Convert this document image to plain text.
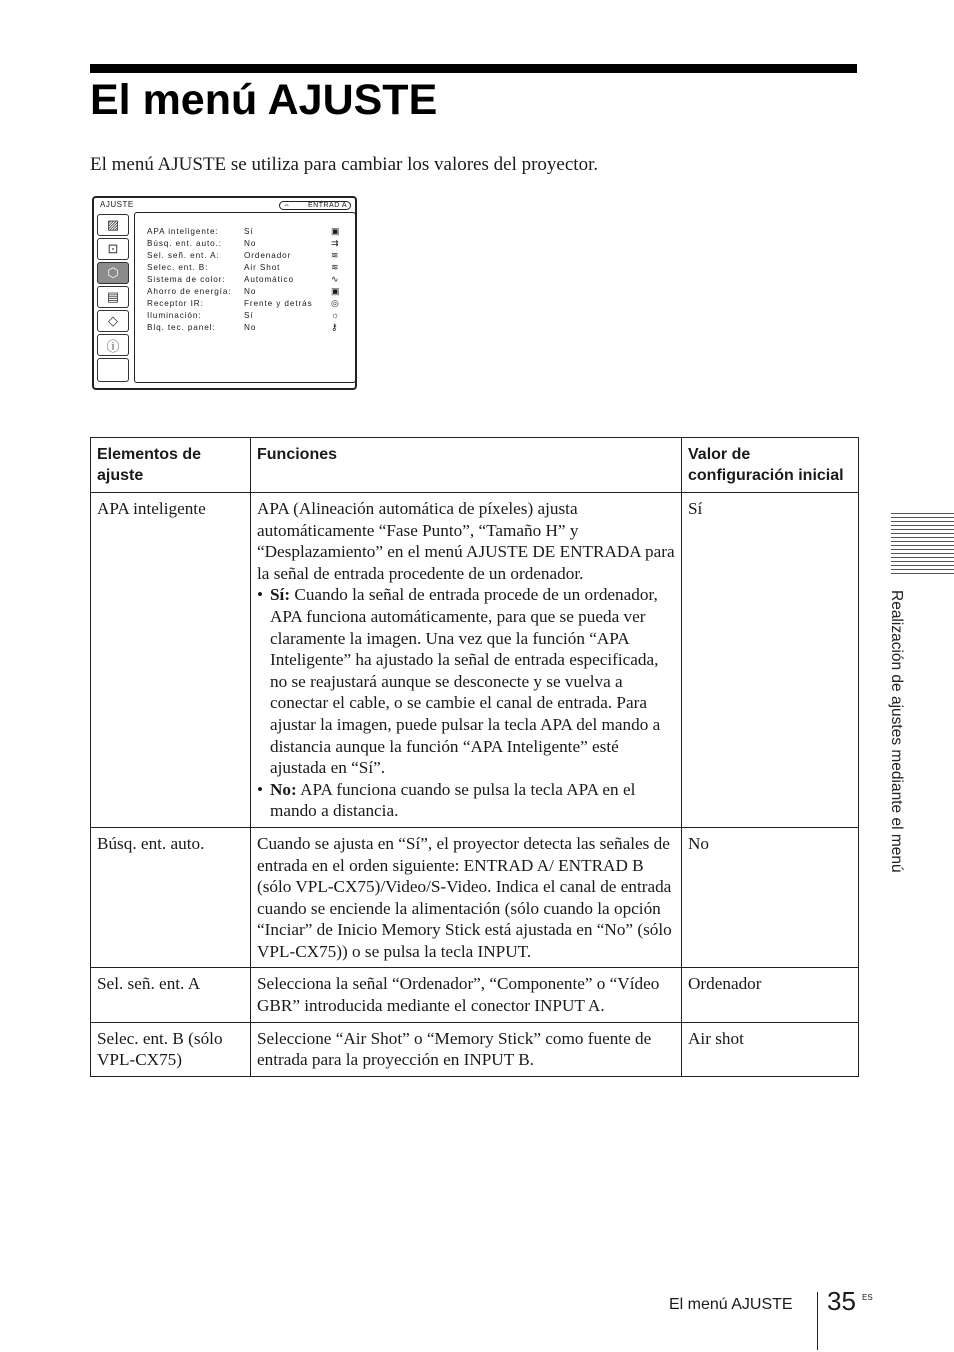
El menú AJUSTE
El menú AJUSTE se utiliza para cambiar los valores del proyector.
AJUSTE	⇔ ENTRAD A
▨
⊡
⬡
▤
◇
ⓘ
APA inteligente:	Sí	▣
Búsq. ent. auto.:	No	⇉
Sel. señ. ent. A:	Ordenador	≋
Selec. ent. B:	Air Shot	≋
Sistema de color: Automático	∿
Ahorro de energía: No	▣
Receptor IR:	Frente y detrás ◎
Iluminación:	Sí	☼
Blq. tec. panel:	No	⚷
Elementos de ajuste	Funciones	Valor de configuración inicial
APA inteligente	APA (Alineación automática de píxeles) ajusta automáticamente “Fase Punto”, “Tamaño H” y “Desplazamiento” en el menú AJUSTE DE ENTRADA para la señal de entrada procedente de un ordenador.
• Sí: Cuando la señal de entrada procede de un ordenador, APA funciona automáticamente, para que se pueda ver claramente la imagen. Una vez que la función “APA Inteligente” ha ajustado la señal de entrada especificada, no se reajustará aunque se desconecte y se vuelva a conectar el cable, o se cambie el canal de entrada. Para ajustar la imagen, puede pulsar la tecla APA del mando a distancia aunque la función “APA Inteligente” esté ajustada en “Sí”.
• No: APA funciona cuando se pulsa la tecla APA en el mando a distancia.	Sí
Búsq. ent. auto.	Cuando se ajusta en “Sí”, el proyector detecta las señales de entrada en el orden siguiente: ENTRAD A/ ENTRAD B (sólo VPL-CX75)/Video/S-Video. Indica el canal de entrada cuando se enciende la alimentación (sólo cuando la opción “Inciar” de Inicio Memory Stick está ajustada en “No” (sólo VPL-CX75)) o se pulsa la tecla INPUT.	No
Sel. señ. ent. A	Selecciona la señal “Ordenador”, “Componente” o “Vídeo GBR” introducida mediante el conector INPUT A.	Ordenador
Selec. ent. B (sólo VPL-CX75)	Seleccione “Air Shot” o “Memory Stick” como fuente de entrada para la proyección en INPUT B.	Air shot
Realización de ajustes mediante el menú
El menú AJUSTE 35 ES
